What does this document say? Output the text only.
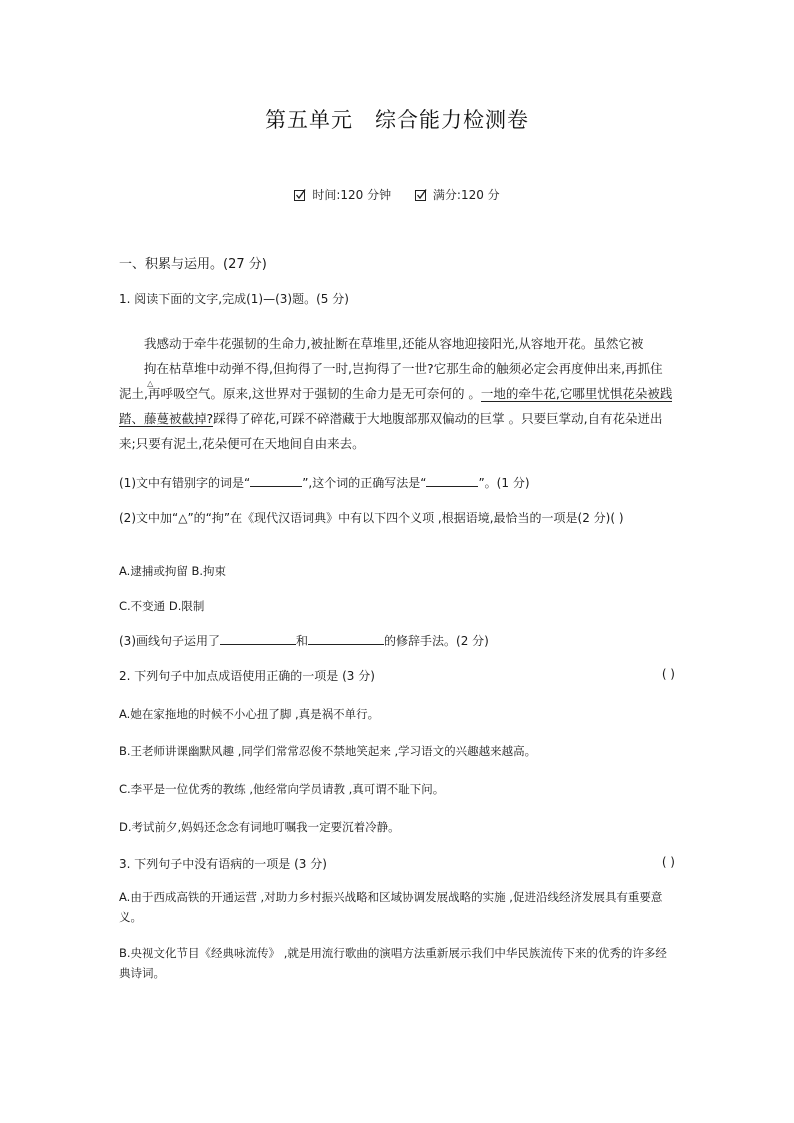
第五单元 综合能力检测卷
时间:120 分钟
	满分:120 分
一、积累与运用。(27 分)
1. 阅读下面的文字,完成(1)—(3)题。(5 分)

我感动于牵牛花强韧的生命力,被扯断在草堆里,还能从容地迎接阳光,从容地开花。虽然它被拘
△
在枯草堆中动弹不得,但拘得了一时,岂拘得了一世?它那生命的触须必定会再度伸出来,再抓住泥土,再呼吸空气。原来,这世界对于强韧的生命力是无可奈何的 。一地的牵牛花,它哪里忧惧花朵被践踏、藤蔓被截掉?踩得了碎花,可踩不碎潜藏于大地腹部那双偏动的巨掌 。只要巨掌动,自有花朵迸出来;只要有泥土,花朵便可在天地间自由来去。

(1)文中有错别字的词是“	”,这个词的正确写法是“	”。(1 分)
(2)文中加“△”的“拘”在《现代汉语词典》中有以下四个义项 ,根据语境,最恰当的一项是(2 分)( )
A.逮捕或拘留 B.拘束
C.不变通 D.限制
(3)画线句子运用了	和	的修辞手法。(2 分)
2. 下列句子中加点成语使用正确的一项是 (3 分)	( )
A.她在家拖地的时候不小心扭了脚 ,真是祸不单行。
B.王老师讲课幽默风趣 ,同学们常常忍俊不禁地笑起来 ,学习语文的兴趣越来越高。
C.李平是一位优秀的教练 ,他经常向学员请教 ,真可谓不耻下问。
D.考试前夕,妈妈还念念有词地叮嘱我一定要沉着冷静。
3. 下列句子中没有语病的一项是 (3 分)	( )
A.由于西成高铁的开通运营 ,对助力乡村振兴战略和区域协调发展战略的实施 ,促进沿线经济发展具有重要意义。
B.央视文化节目《经典咏流传》 ,就是用流行歌曲的演唱方法重新展示我们中华民族流传下来的优秀的许多经典诗词。
